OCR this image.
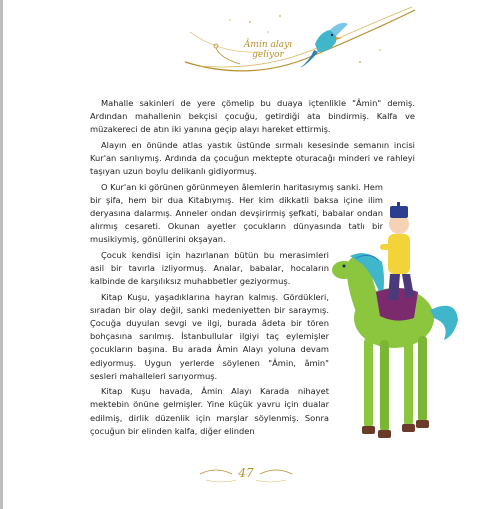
Âmin alayı
geliyor

Mahalle sakinleri de yere çömelip bu duaya içtenlikle "Âmin" demiş. Ardından mahallenin bekçisi çocuğu, getirdiği ata bindirmiş. Kalfa ve müzakereci de atın iki yanına geçip alayı hareket ettirmiş.

Alayın en önünde atlas yastık üstünde sırmalı kesesinde semanın incisi Kur'an sarılıymış. Ardında da çocuğun mektepte oturacağı minderi ve rahleyi taşıyan uzun boylu delikanlı gidiyormuş.

O Kur'an ki görünen görünmeyen âlemlerin haritasıymış sanki. Hem bir şifa, hem bir dua Kitabıymış. Her kim dikkatli baksa içine ilim deryasına dalarmış. Anneler ondan devşirirmiş şefkati, babalar ondan alırmış cesareti. Okunan ayetler çocukların dünyasında tatlı bir musikiymiş, gönüllerini okşayan.

Çocuk kendisi için hazırlanan bütün bu merasimleri asil bir tavırla izliyormuş. Analar, babalar, hocaların kalbinde de karşılıksız muhabbetler geziyormuş.

Kitap Kuşu, yaşadıklarına hayran kalmış. Gördükleri, sıradan bir olay değil, sanki medeniyetten bir saraymış. Çocuğa duyulan sevgi ve ilgi, burada âdeta bir tören bohçasına sarılmış. İstanbullular ilgiyi taç eylemişler çocukların başına. Bu arada Âmin Alayı yoluna devam ediyormuş. Uygun yerlerde söylenen "Âmin, âmin" sesleri mahalleleri sarıyormuş.

Kitap Kuşu havada, Âmin Alayı Karada nihayet mektebin önüne gelmişler. Yine küçük yavru için dualar edilmiş, dirlik düzenlik için marşlar söylenmiş. Sonra çocuğun bir elinden kalfa, diğer elinden

47
